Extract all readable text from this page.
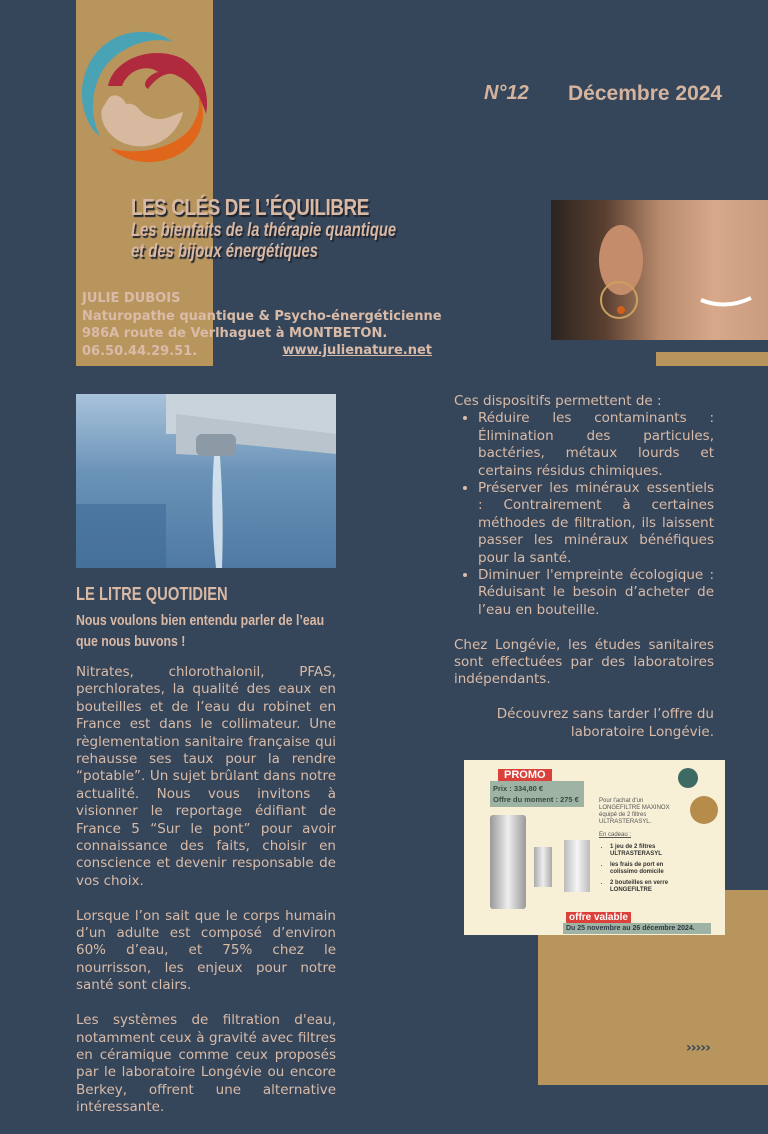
N°12 Décembre 2024
LES CLÉS DE L’ÉQUILIBRE
Les bienfaits de la thérapie quantique
et des bijoux énergétiques
JULIE DUBOIS
Naturopathe quantique & Psycho-énergéticienne
986A route de Verlhaguet à MONTBETON.
06.50.44.29.51.	www.julienature.net
LE LITRE QUOTIDIEN
Nous voulons bien entendu parler de l’eau que nous buvons !

Nitrates, chlorothalonil, PFAS, perchlorates, la qualité des eaux en bouteilles et de l’eau du robinet en France est dans le collimateur. Une règlementation sanitaire française qui rehausse ses taux pour la rendre “potable”. Un sujet brûlant dans notre actualité. Nous vous invitons à visionner le reportage édifiant de France 5 “Sur le pont” pour avoir connaissance des faits, choisir en conscience et devenir responsable de vos choix.

Lorsque l’on sait que le corps humain d’un adulte est composé d’environ 60% d’eau, et 75% chez le nourrisson, les enjeux pour notre santé sont clairs.

Les systèmes de filtration d'eau, notamment ceux à gravité avec filtres en céramique comme ceux proposés par le laboratoire Longévie ou encore Berkey, offrent une alternative intéressante.

Ces dispositifs permettent de :

• Réduire les contaminants : Élimination des particules, bactéries, métaux lourds et certains résidus chimiques.
• Préserver les minéraux essentiels : Contrairement à certaines méthodes de filtration, ils laissent passer les minéraux bénéfiques pour la santé.
• Diminuer l'empreinte écologique : Réduisant le besoin d’acheter de l’eau en bouteille.

Chez Longévie, les études sanitaires sont effectuées par des laboratoires indépendants.

Découvrez sans tarder l’offre du
laboratoire Longévie.

PROMO
Prix : 334,80 €
Offre du moment : 275 €	Pour l'achat d'un LONGEFILTRE MAXINOX équipé de 2 filtres ULTRASTERASYL.
En cadeau :
• 1 jeu de 2 filtres ULTRASTERASYL
• les frais de port en colissimo domicile
• 2 bouteilles en verre LONGEFILTRE
offre valable
Du 25 novembre au 26 décembre 2024.
›››››
